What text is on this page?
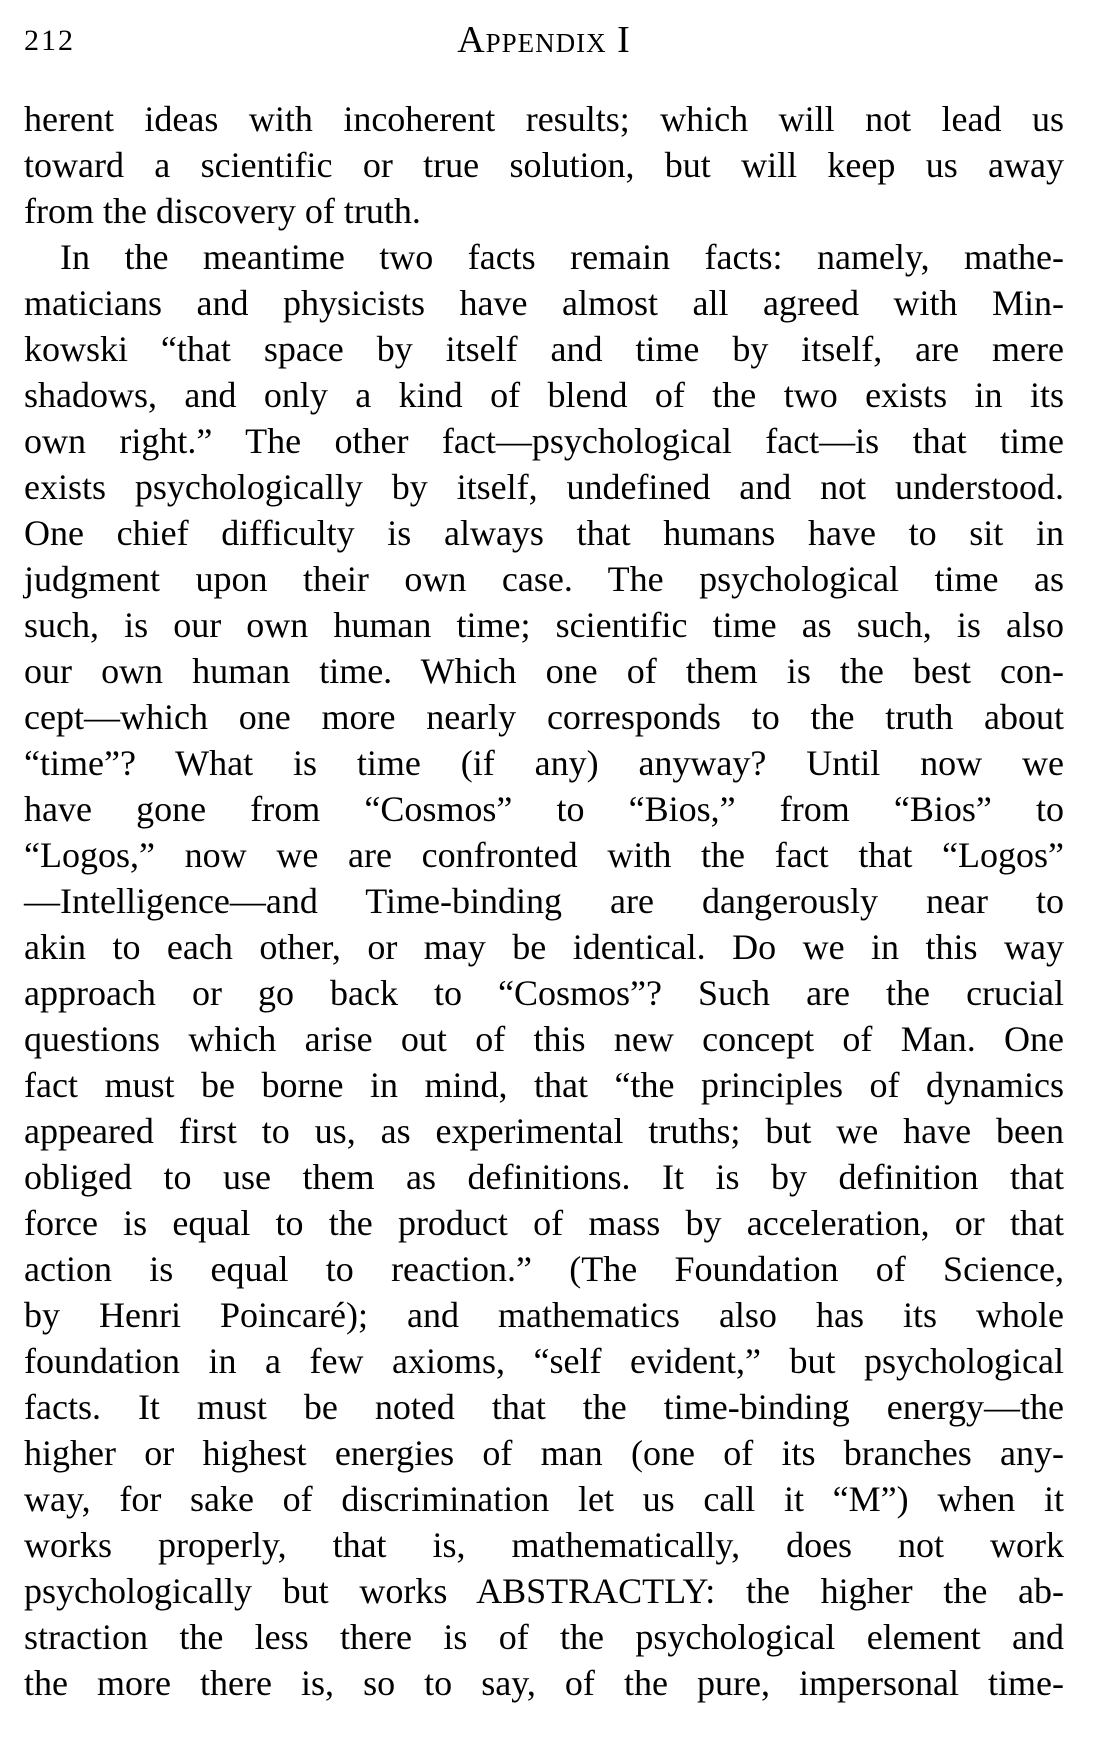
212	Appendix I
herent ideas with incoherent results; which will not lead us
toward a scientific or true solution, but will keep us away
from the discovery of truth.
In the meantime two facts remain facts: namely, mathe-
maticians and physicists have almost all agreed with Min-
kowski “that space by itself and time by itself, are mere
shadows, and only a kind of blend of the two exists in its
own right.” The other fact—psychological fact—is that time
exists psychologically by itself, undefined and not understood.
One chief difficulty is always that humans have to sit in
judgment upon their own case. The psychological time as
such, is our own human time; scientific time as such, is also
our own human time. Which one of them is the best con-
cept—which one more nearly corresponds to the truth about
“time”? What is time (if any) anyway? Until now we
have gone from “Cosmos” to “Bios,” from “Bios” to
“Logos,” now we are confronted with the fact that “Logos”
—Intelligence—and Time-binding are dangerously near to
akin to each other, or may be identical. Do we in this way
approach or go back to “Cosmos”? Such are the crucial
questions which arise out of this new concept of Man. One
fact must be borne in mind, that “the principles of dynamics
appeared first to us, as experimental truths; but we have been
obliged to use them as definitions. It is by definition that
force is equal to the product of mass by acceleration, or that
action is equal to reaction.” (The Foundation of Science,
by Henri Poincaré); and mathematics also has its whole
foundation in a few axioms, “self evident,” but psychological
facts. It must be noted that the time-binding energy—the
higher or highest energies of man (one of its branches any-
way, for sake of discrimination let us call it “M”) when it
works properly, that is, mathematically, does not work
psychologically but works ABSTRACTLY: the higher the ab-
straction the less there is of the psychological element and
the more there is, so to say, of the pure, impersonal time-
